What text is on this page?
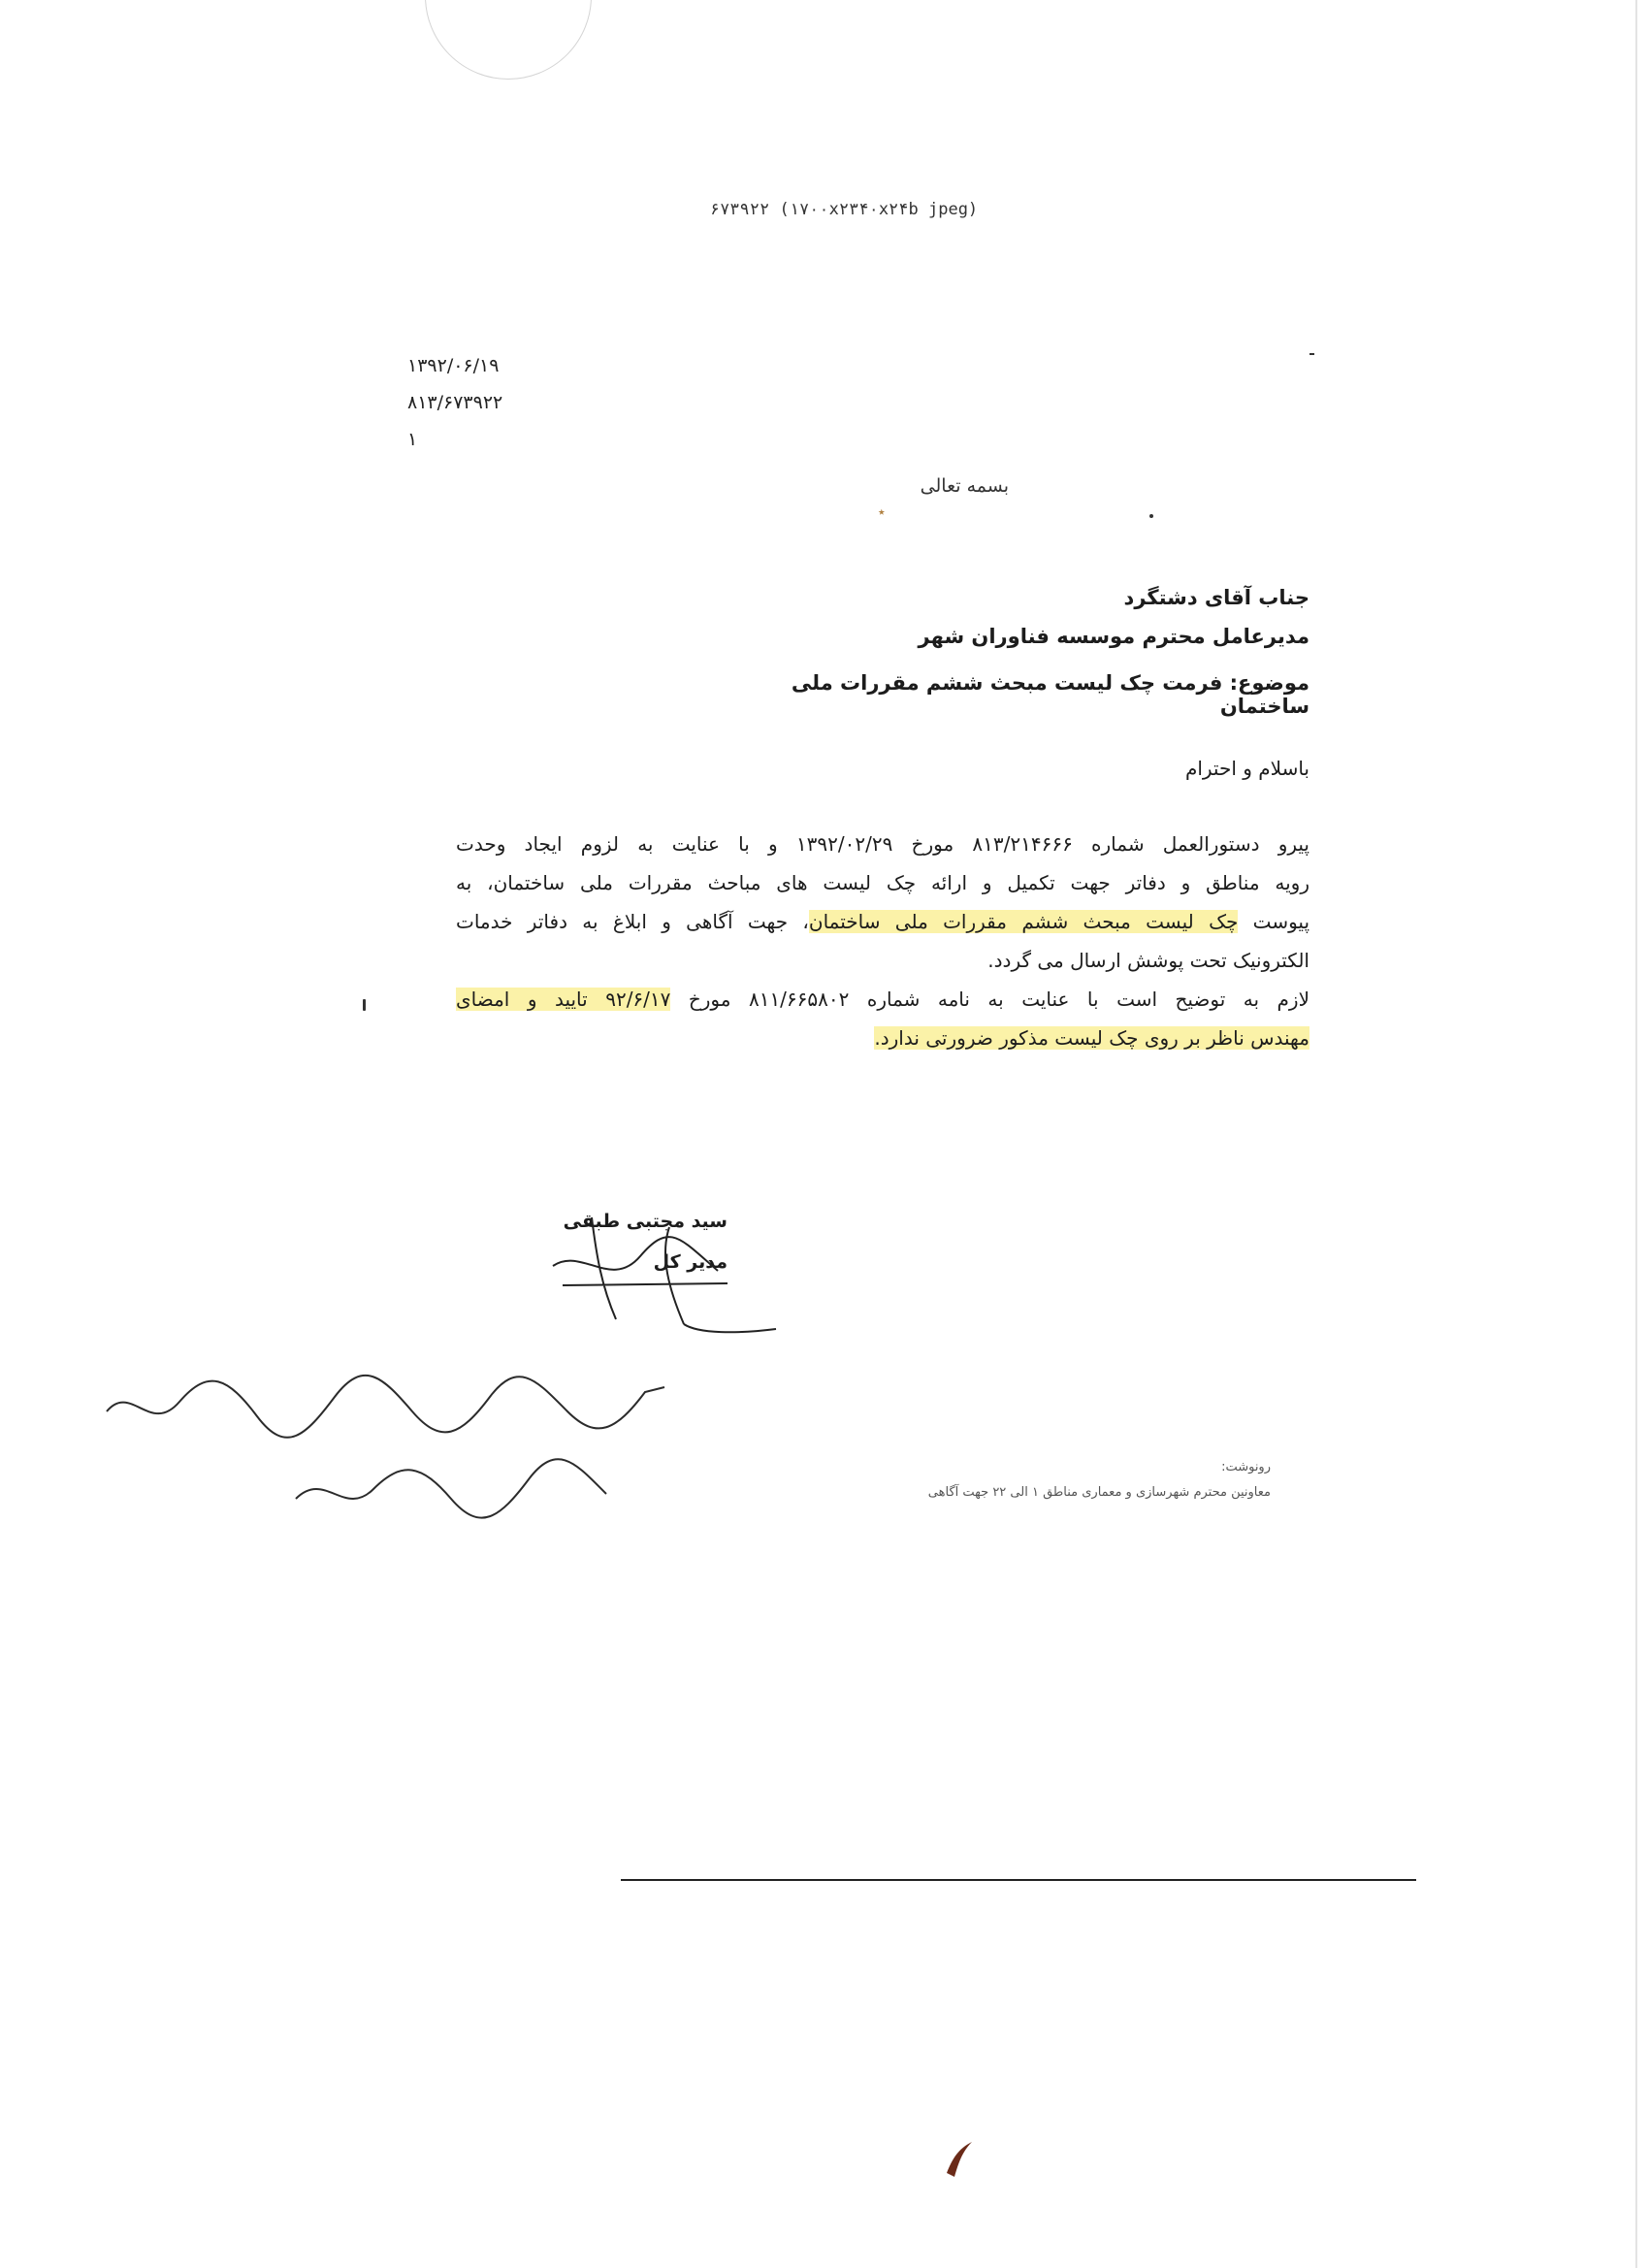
۶۷۳۹۲۲ (۱۷۰۰x۲۳۴۰x۲۴b jpeg)
۱۳۹۲/۰۶/۱۹
۸۱۳/۶۷۳۹۲۲
۱
بسمه تعالی
٭
جناب آقای دشتگرد
مدیرعامل محترم موسسه فناوران شهر
موضوع: فرمت چک لیست مبحث ششم مقررات ملی ساختمان
باسلام و احترام
پیرو دستورالعمل شماره ۸۱۳/۲۱۴۶۶۶ مورخ ۱۳۹۲/۰۲/۲۹ و با عنایت به لزوم ایجاد وحدت
رویه مناطق و دفاتر جهت تکمیل و ارائه چک لیست های مباحث مقررات ملی ساختمان، به
پیوست چک لیست مبحث ششم مقررات ملی ساختمان، جهت آگاهی و ابلاغ به دفاتر خدمات
الکترونیک تحت پوشش ارسال می گردد.
لازم به توضیح است با عنایت به نامه شماره ۸۱۱/۶۶۵۸۰۲ مورخ ۹۲/۶/۱۷ تایید و امضای
مهندس ناظر بر روی چک لیست مذکور ضرورتی ندارد.
سید مجتبی طبقی
مدیر کل
رونوشت:
معاونین محترم شهرسازی و معماری مناطق ۱ الی ۲۲ جهت آگاهی
